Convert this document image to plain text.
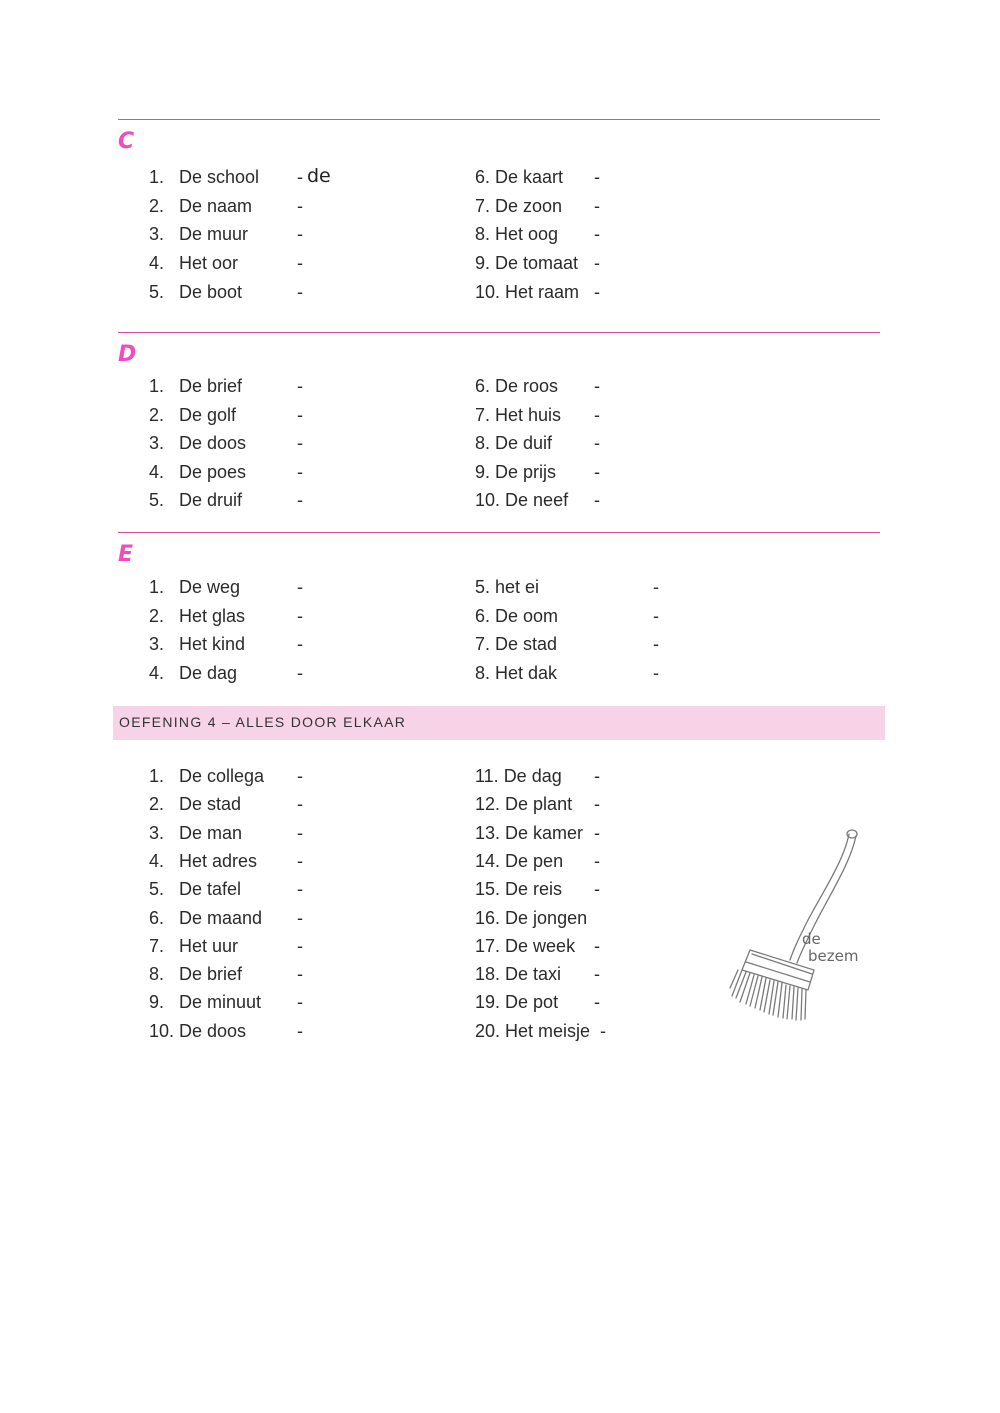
C
1. De school - de
2. De naam -
3. De muur	-
4. Het oor	-
5. De boot	-
6. De kaart -
7. De zoon -
8. Het oog -
9. De tomaat -
10. Het raam -
D
1. De brief	-
2. De golf	-
3. De doos	-
4. De poes	-
5. De druif	-
6. De roos -
7. Het huis -
8. De duif -
9. De prijs -
10. De neef -
E
1. De weg	-
2. Het glas	-
3. Het kind	-
4. De dag	-
5. het ei	-
6. De oom	-
7. De stad	-
8. Het dak	-
OEFENING 4 – ALLES DOOR ELKAAR
1. De collega -
2. De stad	-
3. De man	-
4. Het adres -
5. De tafel	-
6. De maand -
7. Het uur	-
8. De brief	-
9. De minuut -
10. De doos	-
11. De dag -
12. De plant -
13. De kamer -
14. De pen -
15. De reis -
16. De jongen
17. De week -
18. De taxi -
19. De pot -
20. Het meisje -
de
bezem
